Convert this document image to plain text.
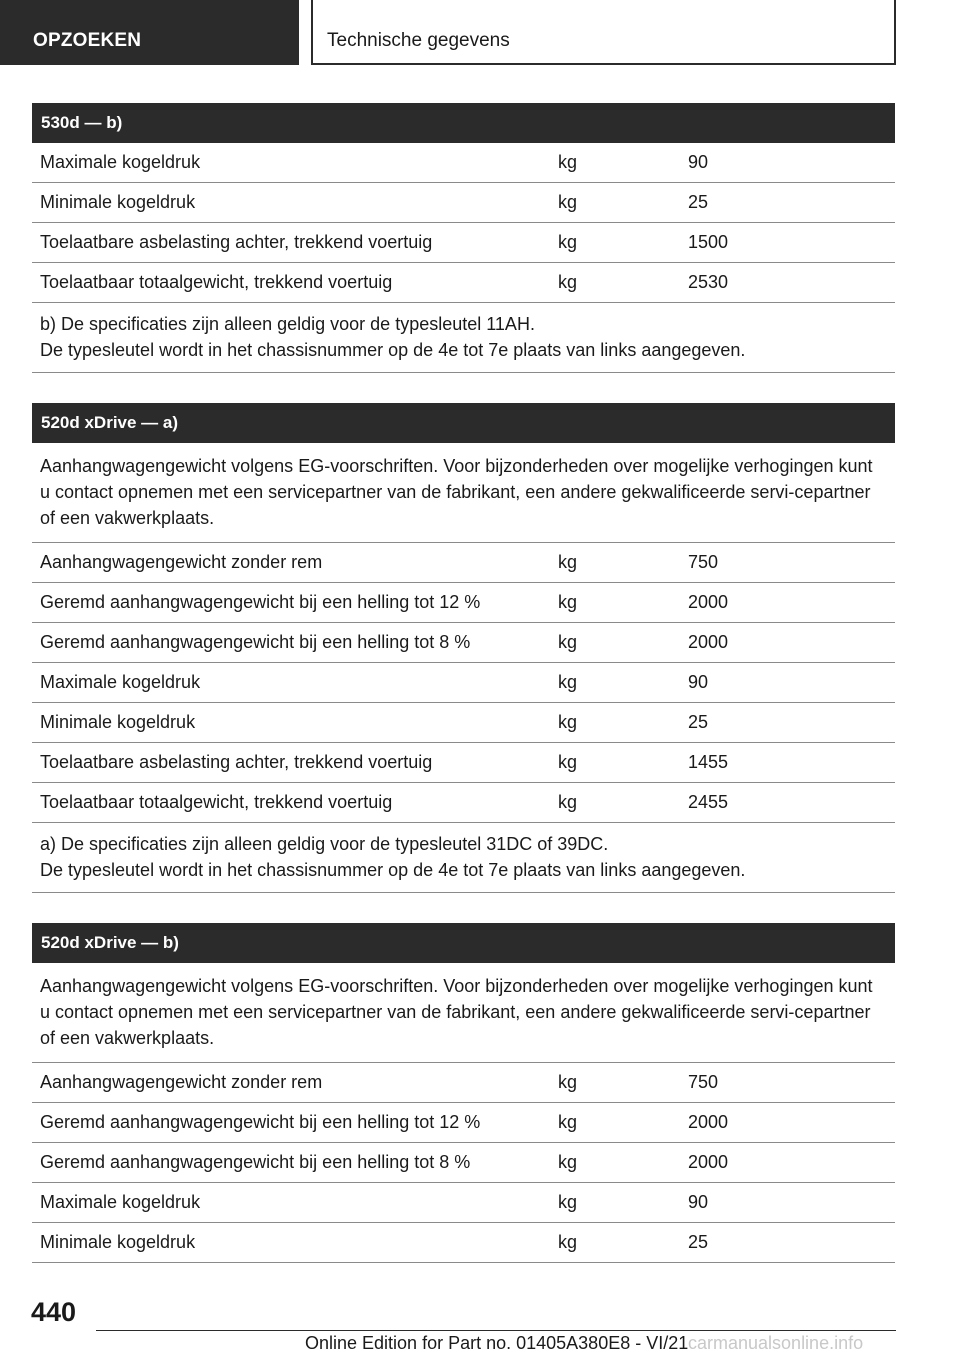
OPZOEKEN	Technische gegevens
530d — b)
Maximale kogeldruk	kg	90
Minimale kogeldruk	kg	25
Toelaatbare asbelasting achter, trekkend voertuig	kg	1500
Toelaatbaar totaalgewicht, trekkend voertuig	kg	2530

b) De specificaties zijn alleen geldig voor de typesleutel 11AH.

De typesleutel wordt in het chassisnummer op de 4e tot 7e plaats van links aangegeven.

520d xDrive — a)
Aanhangwagengewicht volgens EG-voorschriften. Voor bijzonderheden over mogelijke verhogingen kunt u contact opnemen met een servicepartner van de fabrikant, een andere gekwalificeerde servi-cepartner of een vakwerkplaats.
Aanhangwagengewicht zonder rem	kg	750
Geremd aanhangwagengewicht bij een helling tot 12 %	kg	2000
Geremd aanhangwagengewicht bij een helling tot 8 %	kg	2000
Maximale kogeldruk	kg	90
Minimale kogeldruk	kg	25
Toelaatbare asbelasting achter, trekkend voertuig	kg	1455
Toelaatbaar totaalgewicht, trekkend voertuig	kg	2455

a) De specificaties zijn alleen geldig voor de typesleutel 31DC of 39DC.

De typesleutel wordt in het chassisnummer op de 4e tot 7e plaats van links aangegeven.

520d xDrive — b)
Aanhangwagengewicht volgens EG-voorschriften. Voor bijzonderheden over mogelijke verhogingen kunt u contact opnemen met een servicepartner van de fabrikant, een andere gekwalificeerde servi-cepartner of een vakwerkplaats.
Aanhangwagengewicht zonder rem	kg	750
Geremd aanhangwagengewicht bij een helling tot 12 %	kg	2000
Geremd aanhangwagengewicht bij een helling tot 8 %	kg	2000
Maximale kogeldruk	kg	90
Minimale kogeldruk	kg	25
440
Online Edition for Part no. 01405A380E8 - VI/21 carmanualsonline.info
